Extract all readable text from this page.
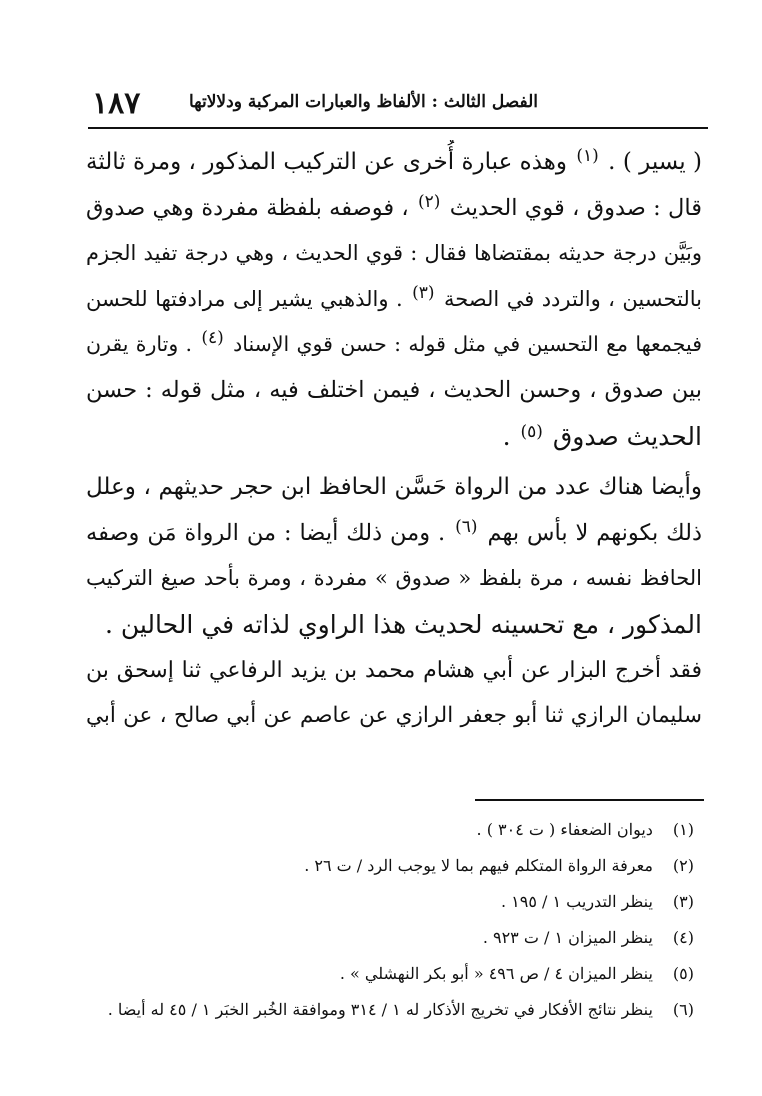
١٨٧	الفصل الثالث : الألفاظ والعبارات المركبة ودلالاتها
( يسير ) . $^{(١)}$ وهذه عبارة أُخرى عن التركيب المذكور ، ومرة ثالثة
قال : صدوق ، قوي الحديث $^{(٢)}$ ، فوصفه بلفظة مفردة وهي صدوق
وبَيَّن درجة حديثه بمقتضاها فقال : قوي الحديث ، وهي درجة تفيد الجزم
بالتحسين ، والتردد في الصحة $^{(٣)}$ . والذهبي يشير إلى مرادفتها للحسن
فيجمعها مع التحسين في مثل قوله : حسن قوي الإسناد $^{(٤)}$ . وتارة يقرن
بين صدوق ، وحسن الحديث ، فيمن اختلف فيه ، مثل قوله : حسن
الحديث صدوق $^{(٥)}$ .
وأيضا هناك عدد من الرواة حَسَّن الحافظ ابن حجر حديثهم ، وعلل
ذلك بكونهم لا بأس بهم $^{(٦)}$ . ومن ذلك أيضا : من الرواة مَن وصفه
الحافظ نفسه ، مرة بلفظ « صدوق » مفردة ، ومرة بأحد صيغ التركيب
المذكور ، مع تحسينه لحديث هذا الراوي لذاته في الحالين .
فقد أخرج البزار عن أبي هشام محمد بن يزيد الرفاعي ثنا إسحق بن
سليمان الرازي ثنا أبو جعفر الرازي عن عاصم عن أبي صالح ، عن أبي
(١) ديوان الضعفاء ( ت ٣٠٤ ) .
(٢) معرفة الرواة المتكلم فيهم بما لا يوجب الرد / ت ٢٦ .
(٣) ينظر التدريب ١ / ١٩٥ .
(٤) ينظر الميزان ١ / ت ٩٢٣ .
(٥) ينظر الميزان ٤ / ص ٤٩٦ « أبو بكر النهشلي » .
(٦) ينظر نتائج الأفكار في تخريج الأذكار له ١ / ٣١٤ وموافقة الخُبر الخبَر ١ / ٤٥ له أيضا .
